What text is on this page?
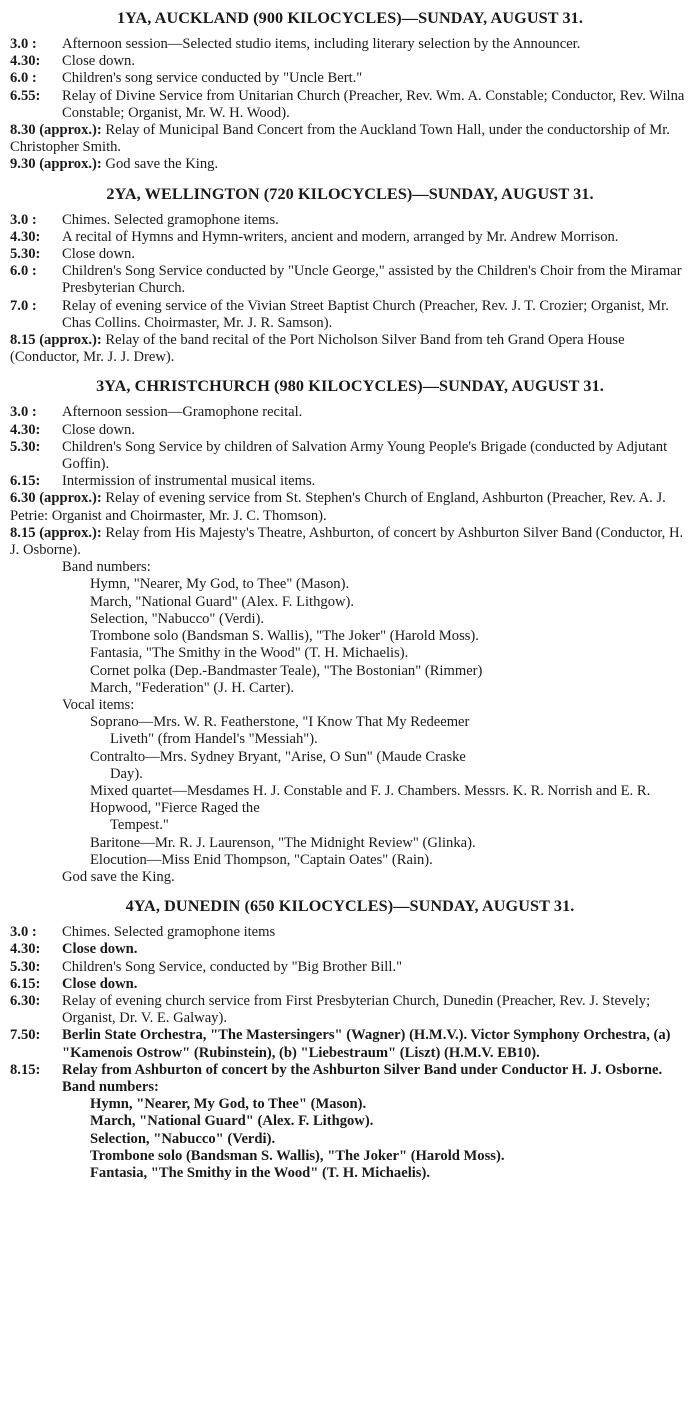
1YA, AUCKLAND (900 KILOCYCLES)—SUNDAY, AUGUST 31.
3.0 : Afternoon session—Selected studio items, including literary selection by the Announcer.
4.30: Close down.
6.0 : Children's song service conducted by "Uncle Bert."
6.55: Relay of Divine Service from Unitarian Church (Preacher, Rev. Wm. A. Constable; Conductor, Rev. Wilna Constable; Organist, Mr. W. H. Wood).
8.30 (approx.): Relay of Municipal Band Concert from the Auckland Town Hall, under the conductorship of Mr. Christopher Smith.
9.30 (approx.): God save the King.
2YA, WELLINGTON (720 KILOCYCLES)—SUNDAY, AUGUST 31.
3.0 : Chimes. Selected gramophone items.
4.30: A recital of Hymns and Hymn-writers, ancient and modern, arranged by Mr. Andrew Morrison.
5.30: Close down.
6.0 : Children's Song Service conducted by "Uncle George," assisted by the Children's Choir from the Miramar Presbyterian Church.
7.0 : Relay of evening service of the Vivian Street Baptist Church (Preacher, Rev. J. T. Crozier; Organist, Mr. Chas Collins. Choirmaster, Mr. J. R. Samson).
8.15 (approx.): Relay of the band recital of the Port Nicholson Silver Band from teh Grand Opera House (Conductor, Mr. J. J. Drew).
3YA, CHRISTCHURCH (980 KILOCYCLES)—SUNDAY, AUGUST 31.
3.0 : Afternoon session—Gramophone recital.
4.30: Close down.
5.30: Children's Song Service by children of Salvation Army Young People's Brigade (conducted by Adjutant Goffin).
6.15: Intermission of instrumental musical items.
6.30 (approx.): Relay of evening service from St. Stephen's Church of England, Ashburton (Preacher, Rev. A. J. Petrie: Organist and Choirmaster, Mr. J. C. Thomson).
8.15 (approx.): Relay from His Majesty's Theatre, Ashburton, of concert by Ashburton Silver Band (Conductor, H. J. Osborne).
Band numbers:
Hymn, "Nearer, My God, to Thee" (Mason).
March, "National Guard" (Alex. F. Lithgow).
Selection, "Nabucco" (Verdi).
Trombone solo (Bandsman S. Wallis), "The Joker" (Harold Moss).
Fantasia, "The Smithy in the Wood" (T. H. Michaelis).
Cornet polka (Dep.-Bandmaster Teale), "The Bostonian" (Rimmer)
March, "Federation" (J. H. Carter).
Vocal items:
Soprano—Mrs. W. R. Featherstone, "I Know That My Redeemer
Liveth" (from Handel's "Messiah").
Contralto—Mrs. Sydney Bryant, "Arise, O Sun" (Maude Craske
Day).
Mixed quartet—Mesdames H. J. Constable and F. J. Chambers. Messrs. K. R. Norrish and E. R. Hopwood, "Fierce Raged the
Tempest."
Baritone—Mr. R. J. Laurenson, "The Midnight Review" (Glinka).
Elocution—Miss Enid Thompson, "Captain Oates" (Rain).
God save the King.
4YA, DUNEDIN (650 KILOCYCLES)—SUNDAY, AUGUST 31.
3.0 : Chimes. Selected gramophone items
4.30: Close down.
5.30: Children's Song Service, conducted by "Big Brother Bill."
6.15: Close down.
6.30: Relay of evening church service from First Presbyterian Church, Dunedin (Preacher, Rev. J. Stevely; Organist, Dr. V. E. Galway).
7.50: Berlin State Orchestra, "The Mastersingers" (Wagner) (H.M.V.). Victor Symphony Orchestra, (a) "Kamenois Ostrow" (Rubinstein), (b) "Liebestraum" (Liszt) (H.M.V. EB10).
8.15: Relay from Ashburton of concert by the Ashburton Silver Band under Conductor H. J. Osborne.
Band numbers:
Hymn, "Nearer, My God, to Thee" (Mason).
March, "National Guard" (Alex. F. Lithgow).
Selection, "Nabucco" (Verdi).
Trombone solo (Bandsman S. Wallis), "The Joker" (Harold Moss).
Fantasia, "The Smithy in the Wood" (T. H. Michaelis).
